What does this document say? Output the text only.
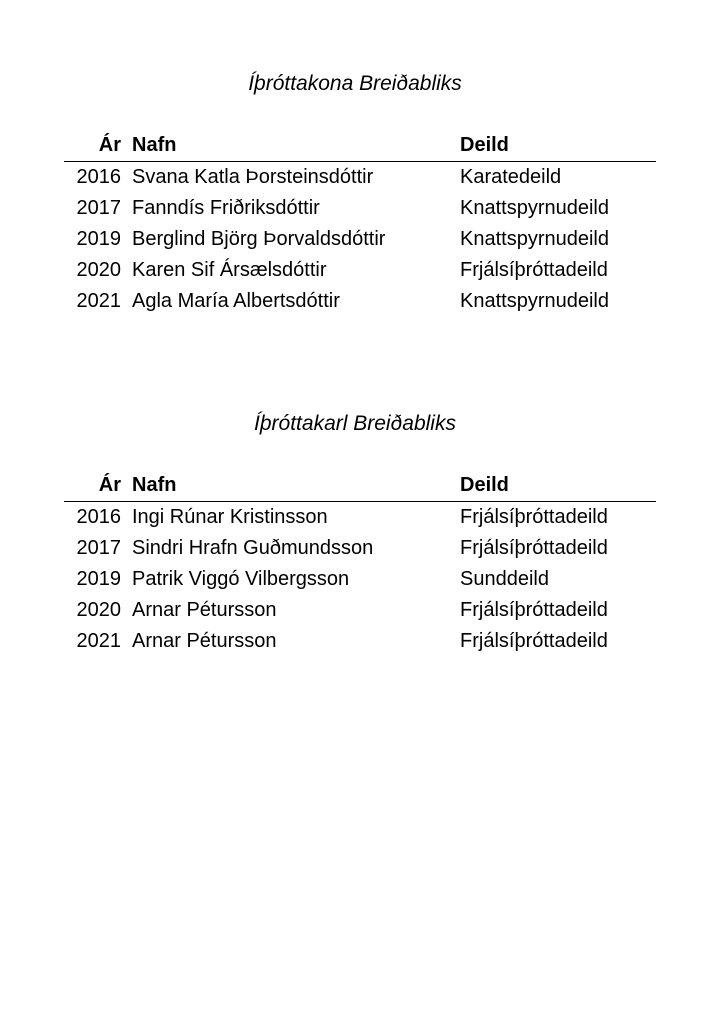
Íþróttakona Breiðabliks
Ár	Nafn	Deild
2016	Svana Katla Þorsteinsdóttir	Karatedeild
2017	Fanndís Friðriksdóttir	Knattspyrnudeild
2019	Berglind Björg Þorvaldsdóttir	Knattspyrnudeild
2020	Karen Sif Ársælsdóttir	Frjálsíþróttadeild
2021	Agla María Albertsdóttir	Knattspyrnudeild
Íþróttakarl Breiðabliks
Ár	Nafn	Deild
2016	Ingi Rúnar Kristinsson	Frjálsíþróttadeild
2017	Sindri Hrafn Guðmundsson	Frjálsíþróttadeild
2019	Patrik Viggó Vilbergsson	Sunddeild
2020	Arnar Pétursson	Frjálsíþróttadeild
2021	Arnar Pétursson	Frjálsíþróttadeild
